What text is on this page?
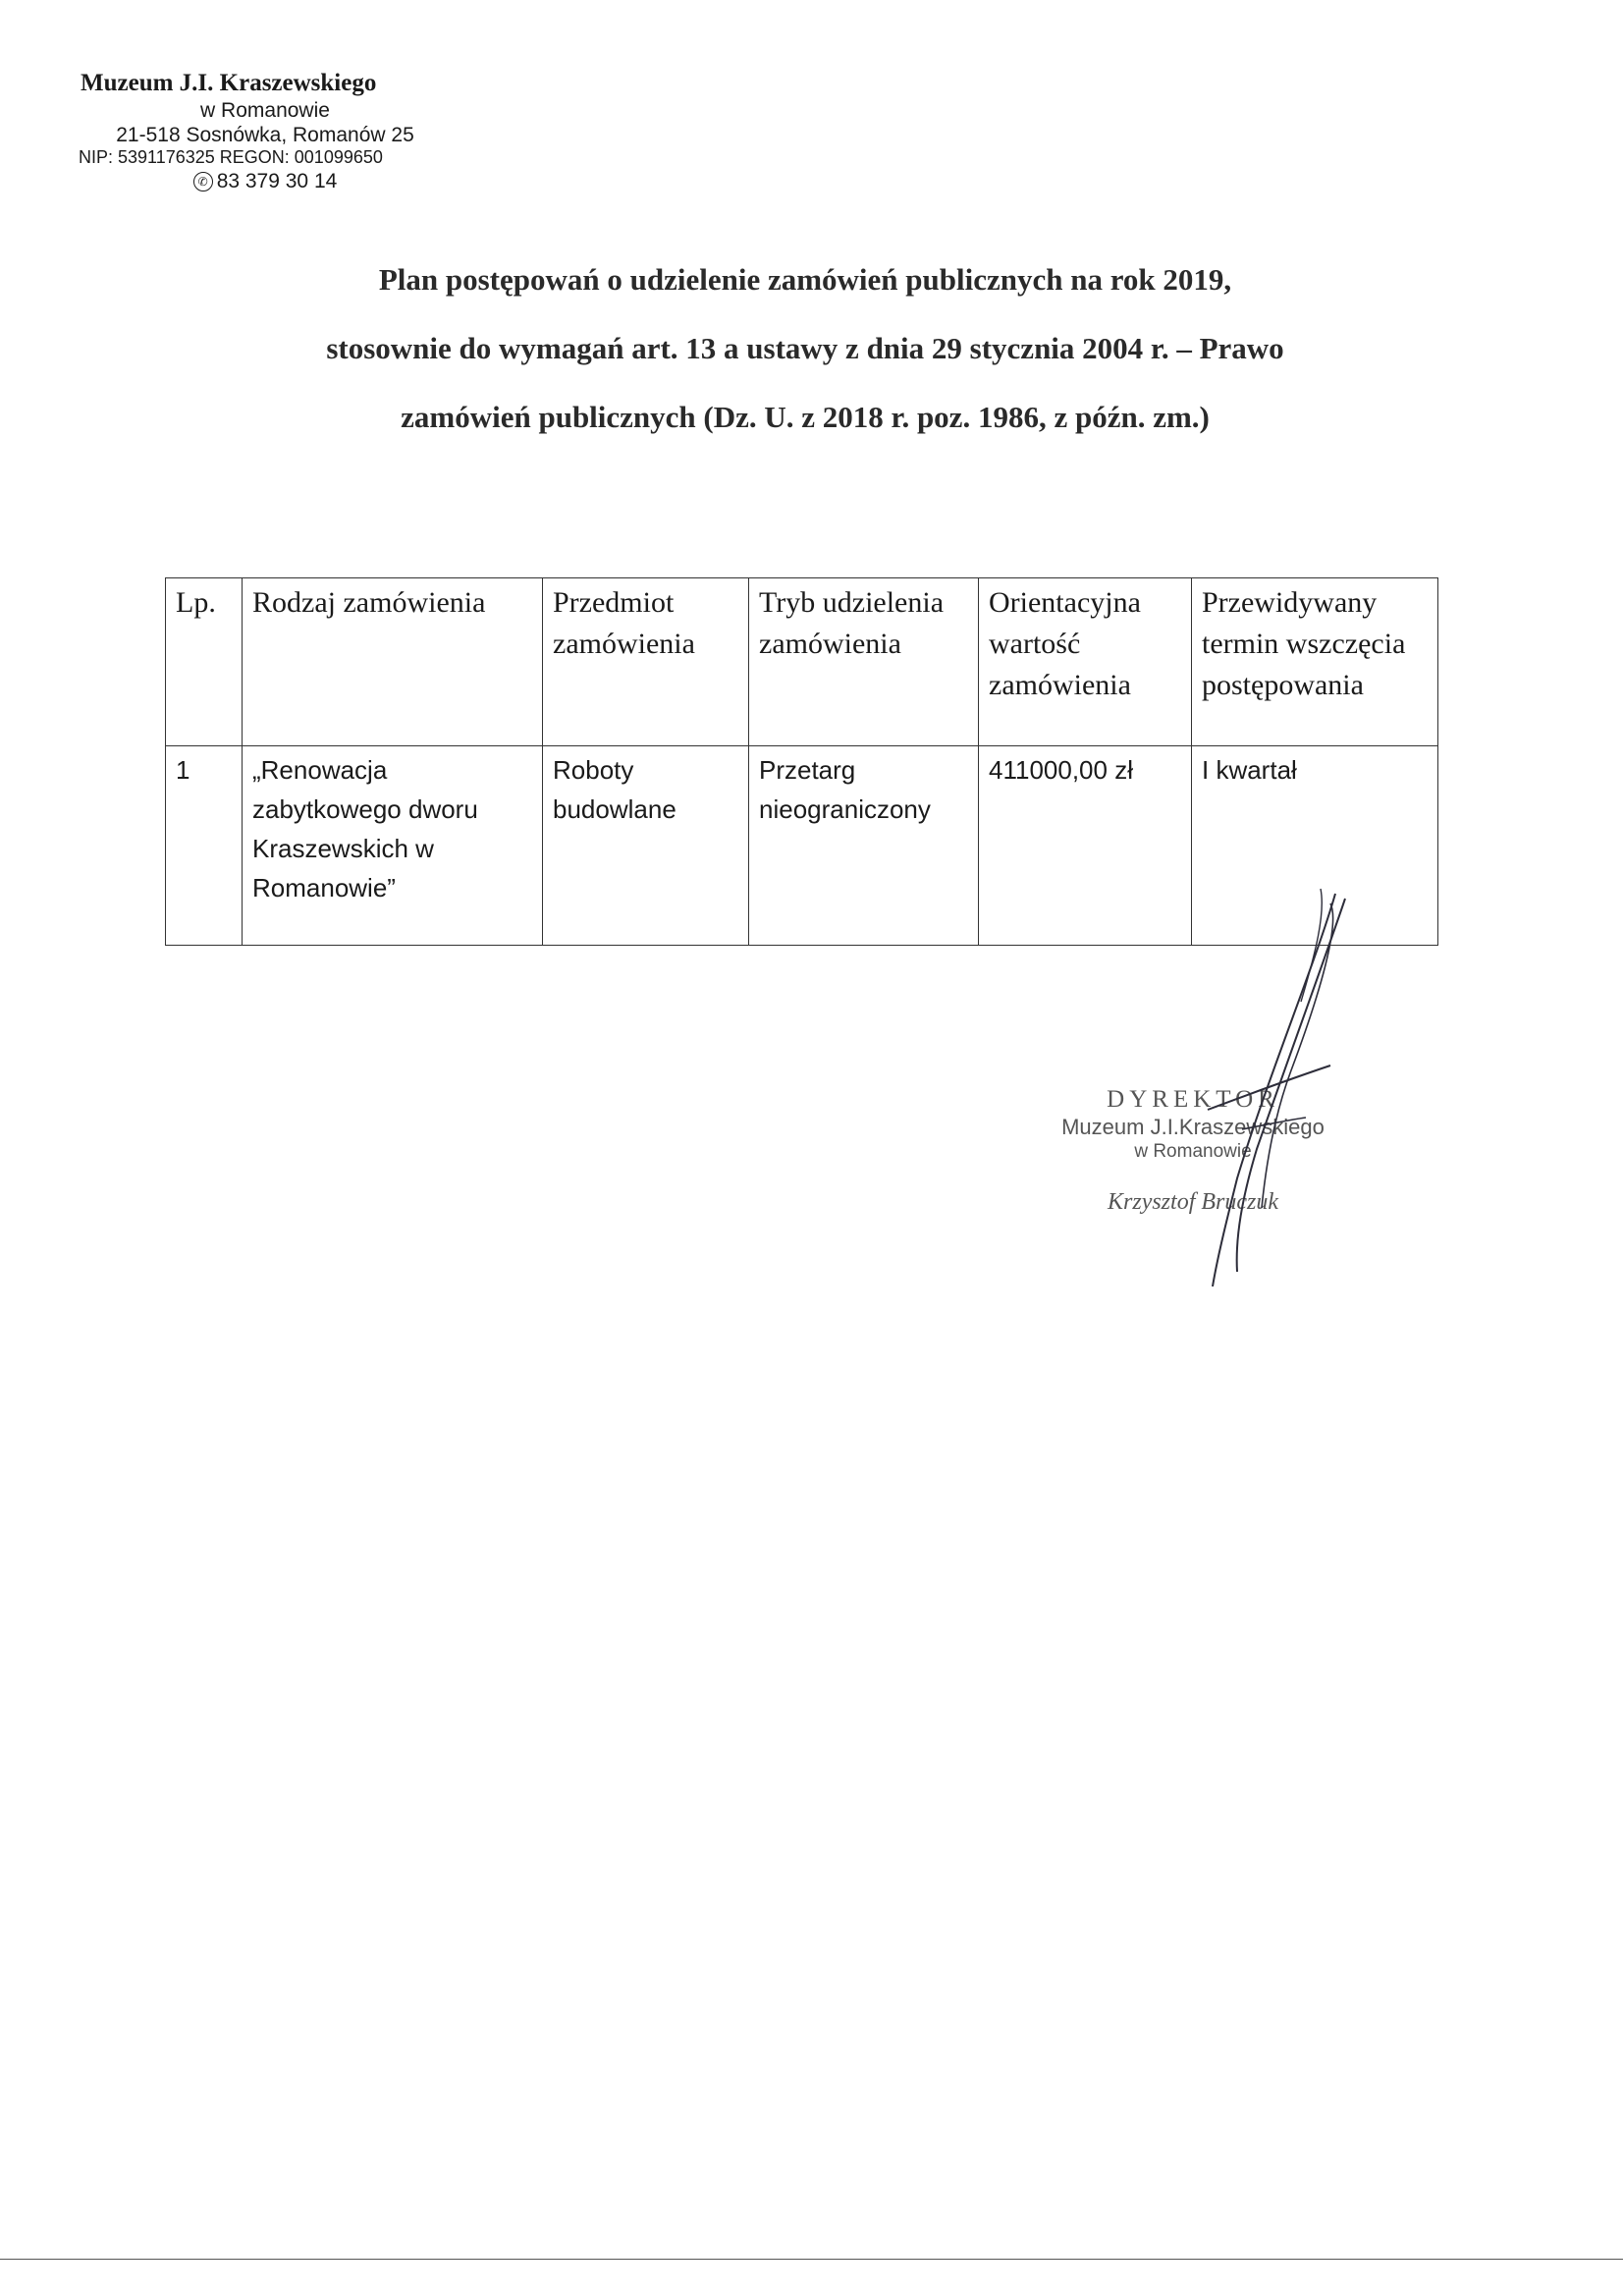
Muzeum J.I. Kraszewskiego
w Romanowie
21-518 Sosnówka, Romanów 25
NIP: 5391176325 REGON: 001099650
✆ 83 379 30 14
Plan postępowań o udzielenie zamówień publicznych na rok 2019,
stosownie do wymagań art. 13 a ustawy z dnia 29 stycznia 2004 r. – Prawo
zamówień publicznych (Dz. U. z 2018 r. poz. 1986, z późn. zm.)
Lp.	Rodzaj zamówienia	Przedmiot zamówienia	Tryb udzielenia zamówienia	Orientacyjna wartość zamówienia	Przewidywany termin wszczęcia postępowania
1	„Renowacja zabytkowego dworu Kraszewskich w Romanowie”	Roboty budowlane	Przetarg nieograniczony	411000,00 zł	I kwartał
DYREKTOR
Muzeum J.I.Kraszewskiego
w Romanowie
Krzysztof Bruczuk
